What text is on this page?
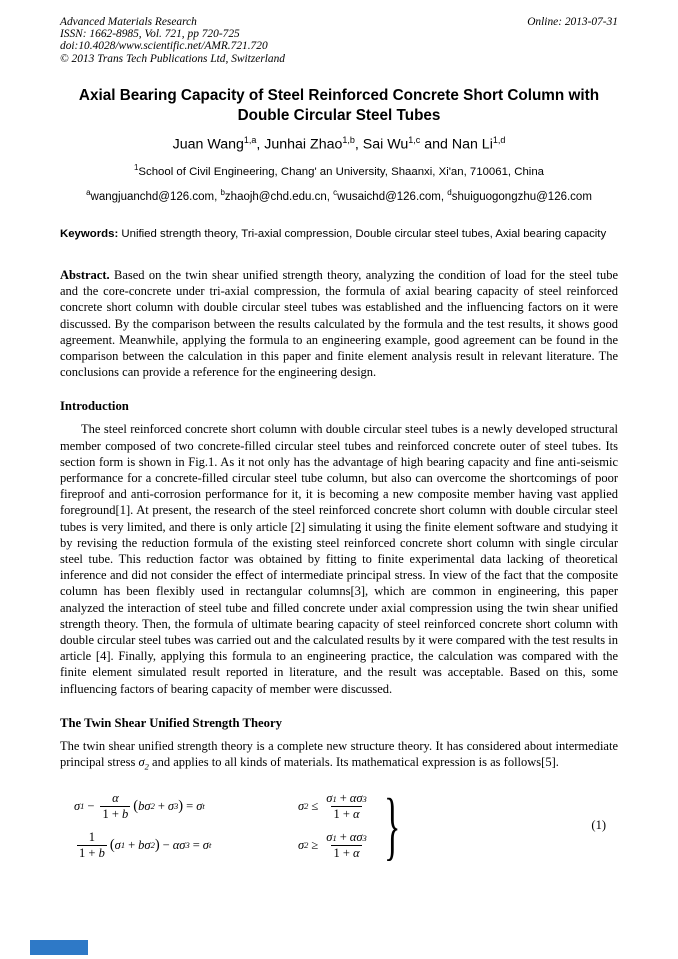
Advanced Materials Research
ISSN: 1662-8985, Vol. 721, pp 720-725
doi:10.4028/www.scientific.net/AMR.721.720
© 2013 Trans Tech Publications Ltd, Switzerland
Online: 2013-07-31
Axial Bearing Capacity of Steel Reinforced Concrete Short Column with
Double Circular Steel Tubes
Juan Wang$^{1,a}$, Junhai Zhao$^{1,b}$, Sai Wu$^{1,c}$ and Nan Li$^{1,d}$
$^1$School of Civil Engineering, Chang' an University, Shaanxi, Xi'an, 710061, China
$^a$wangjuanchd@126.com, $^b$zhaojh@chd.edu.cn, $^c$wusaichd@126.com, $^d$shuiguogongzhu@126.com
Keywords: Unified strength theory, Tri-axial compression, Double circular steel tubes, Axial bearing capacity
Abstract. Based on the twin shear unified strength theory, analyzing the condition of load for the steel tube and the core-concrete under tri-axial compression, the formula of axial bearing capacity of steel reinforced concrete short column with double circular steel tubes was established and the influencing factors on it were discussed. By the comparison between the results calculated by the formula and the test results, it shows good agreement. Meanwhile, applying the formula to an engineering example, good agreement can be found in the comparison between the calculation in this paper and finite element analysis result in relevant literature. The conclusions can provide a reference for the engineering design.
Introduction
The steel reinforced concrete short column with double circular steel tubes is a newly developed structural member composed of two concrete-filled circular steel tubes and reinforced concrete outer of steel tubes. Its section form is shown in Fig.1. As it not only has the advantage of high bearing capacity and fine anti-seismic performance for a concrete-filled circular steel tube column, but also can overcome the shortcomings of poor fireproof and anti-corrosion performance for it, it is becoming a new composite member having vast applied foreground[1]. At present, the research of the steel reinforced concrete short column with double circular steel tubes is very limited, and there is only article [2] simulating it using the finite element software and studying it by revising the reduction formula of the existing steel reinforced concrete short column with single circular steel tube. This reduction factor was obtained by fitting to finite experimental data lacking of theoretical inference and did not consider the effect of intermediate principal stress. In view of the fact that the composite column has been flexibly used in rectangular columns[3], which are common in engineering, this paper analyzed the interaction of steel tube and filled concrete under axial compression using the twin shear unified strength theory. Then, the formula of ultimate bearing capacity of steel reinforced concrete short column with double circular steel tubes was carried out and the calculated results by it were compared with the test results in article [4]. Finally, applying this formula to an engineering practice, the calculation was compared with the finite element simulated result reported in literature, and the result was acceptable. Based on this, some influencing factors of bearing capacity of member were discussed.
The Twin Shear Unified Strength Theory
The twin shear unified strength theory is a complete new structure theory. It has considered about intermediate principal stress $\sigma_2$ and applies to all kinds of materials. Its mathematical expression is as follows[5].
σ $1 - \frac{\alpha}{1 + b}$ ( bσ 2 + σ 3 ) = σ t	σ $2 \le \frac{\sigma 1 + \alpha\sigma 3}{1 + \alpha}$
$\frac{1}{1 + b}$ ( σ 1 + bσ 2 ) − ασ 3 = σ t	σ $2 \ge \frac{\sigma 1 + \alpha\sigma 3}{1 + \alpha}$ }	(1)
